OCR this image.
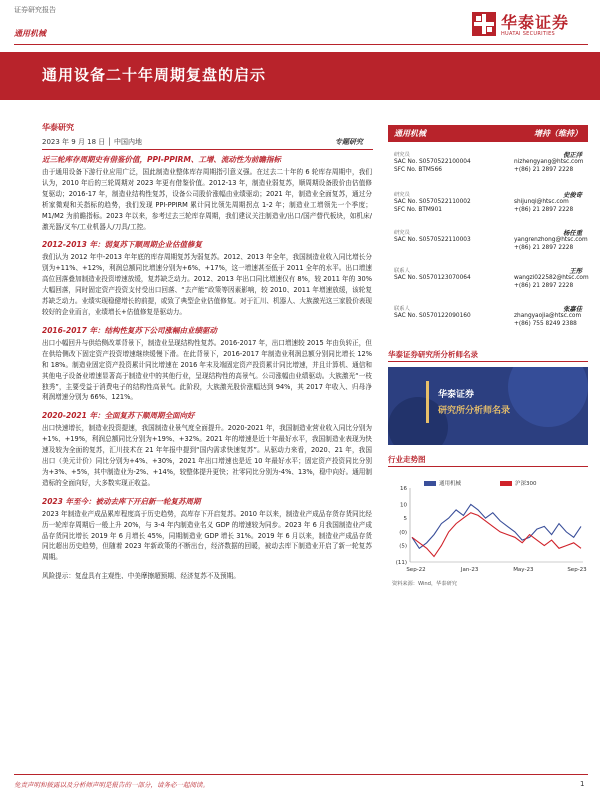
证券研究报告
华泰证券
HUATAI SECURITIES
通用机械
通用设备二十年周期复盘的启示
华泰研究
2023 年 9 月 18 日 │ 中国内地	专题研究
近三轮库存周期史有借鉴价值，PPI-PPIRM、工增、流动性为前瞻指标
由于通用设备下游行业应用广泛，国此制造业整体库存周期指引意义强。在过去二十年的 6 轮库存周期中，我们认为，2010 年后的三轮周期对 2023 年更有借鉴价值。2012-13 年，制造业弱复苏，顺周期设备股价由估值修复驱动；2016-17 年，制造业结构性复苏，设备公司股价涨幅由业绩驱动；2021 年，制造业全面复苏，通过分析家微观和关指标的趋势，我们发现 PPI-PPIRM 累计同比领先周期拐点 1-2 年；制造业工增领先一个季度；M1/M2 为前瞻指标。2023 年以来，参考过去三轮库存周期，我们建议关注制造业/出口/国产替代板块，如机床/激光器/叉车/工业机器人/刀具/工控。
2012-2013 年：弱复苏下顺周期企业估值修复
我们认为 2012 年中-2013 年年底的库存周期复苏为弱复苏。2012、2013 年全年，我国制造业收入同比增长分别为+11%、+12%，利润总额同比增速分别为+6%、+17%，这一增速甚至低于 2011 全年的水平。出口增速高位回落叠加制造业投资增速放缓，复苏缺乏动力。2012、2013 年出口同比增速仅有 8%，较 2011 年的 30%大幅回落，同时固定资产投资支付受出口回落、“去产能”政策等因素影响，较 2010、2011 年增速放缓，该轮复苏缺乏动力。业绩实现稳健增长的前提，或致了典型企业估值修复。对于汇川、机器人、大族激光这三家股价表现较好的企业而言，业绩增长+估值修复是驱动力。
2016-2017 年：结构性复苏下公司涨幅由业绩驱动
出口小幅回升与供给侧改革背景下，制造业呈现结构性复苏。2016-2017 年，出口增速较 2015 年由负转正，但在供给侧改下固定资产投资增速继续缓慢下滑。在此背景下，2016-2017 年制造业利润总额分别同比增长 12%和 18%。制造业固定资产投资累计同比增速在 2016 年末及端固定资产投资累计同比增速，并且计算机、通信和其他电子设备业增速显著高于制造业中的其他行业，呈现结构性的高景气。公司涨幅由业绩驱动。大族激光“一枝独秀”，主要受益于消费电子的结构性高景气。此阶段，大族激光股价涨幅达到 94%，其 2017 年收入、归母净利润增速分别为 66%、121%。
2020-2021 年：全面复苏下顺周期全面向好
出口快速增长，制造业投资提速，我国制造业景气度全面提升。2020-2021 年，我国制造业营业收入同比分别为+1%、+19%，利润总额同比分别为+19%、+32%。2021 年的增速是近十年最好水平，我国制造业表现为快速及较为全面的复苏，汇川技术在 21 年年报中提到“国内需求快速复苏”。从驱动力来看，2020、21 年，我国出口（美元计价）同比分别为+4%、+30%，2021 年出口增速也是近 10 年最好水平；固定资产投资同比分别为+3%、+5%，其中制造业为-2%、+14%，较整体提升更快；社零同比分别为-4%、13%，稳中向好。通用制造标的全面向好，大多数实现正收益。
2023 年至今：被动去库下开启新一轮复苏周期
2023 年制造业产成品累库程度高于历史趋势，高库存下开启复苏。2010 年以来，制造业产成品存货存货同比经历一轮库存周期后一般上升 20%，与 3-4 年内制造业名义 GDP 的增速较为同步。2023 年 6 月我国制造业产成品存货同比增长 2019 年 6 月增长 45%，同期制造业 GDP 增长 31%。2019 年 6 月以来，制造业产成品存货同比超出历史趋势，但随着 2023 年新政策的不断出台，经济数据的回暖，被动去库下制造业开启了新一轮复苏周期。
风险提示：复盘具有主观性、中美摩擦超预期、经济复苏不及预期。
通用机械	增持（维持）
研究员	倪正洋
SAC No. S0570522100004	nizhengyang@htsc.com
SFC No. BTM566	+(86) 21 2897 2228
研究员	史俊奇
SAC No. S0570522110002	shijunqi@htsc.com
SFC No. BTM901	+(86) 21 2897 2228
研究员	杨任重
SAC No. S0570522110003	yangrenzhong@htsc.com
+(86) 21 2897 2228
联系人	王彤
SAC No. S0570123070064	wangzi022582@htsc.com
+(86) 21 2897 2228
联系人	张嘉佳
SAC No. S0570122090160	zhangyaojia@htsc.com
+(86) 755 8249 2388
华泰证券研究所分析师名录
华泰证券
研究所分析师名录
行业走势图
通用机械	沪深300
16
10
5
(0)
(5)
(11)
Sep-22	Jan-23	May-23	Sep-23
资料来源：Wind，华泰研究
免责声明和披露以及分析师声明是报告的一部分，请务必一起阅读。	1
